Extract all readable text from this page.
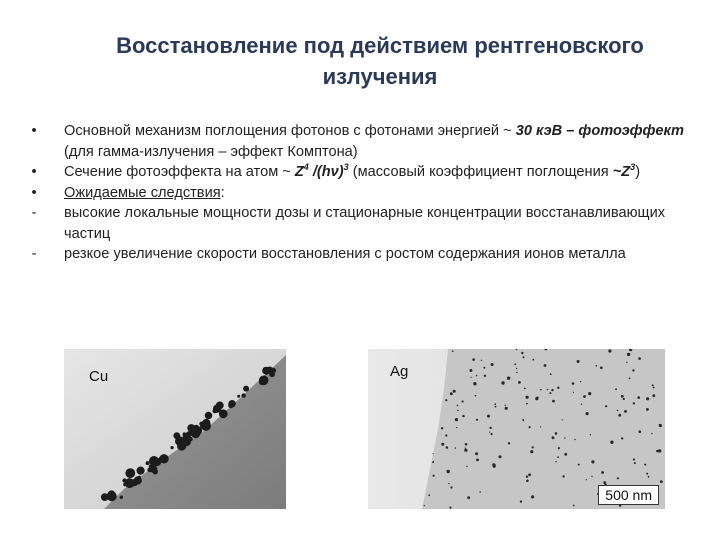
Восстановление под действием рентгеновского
излучения
• Основной механизм поглощения фотонов с фотонами энергией ~ 30 кэВ – фотоэффект (для гамма-излучения – эффект Комптона)
• Сечение фотоэффекта на атом ~ $Z^4$ $/(h\nu)^3$ (массовый коэффициент поглощения $\sim Z^3$)
• Ожидаемые следствия:
- высокие локальные мощности дозы и стационарные концентрации восстанавливающих частиц
- резкое увеличение скорости восстановления с ростом содержания ионов металла
Cu	Ag
500 nm
